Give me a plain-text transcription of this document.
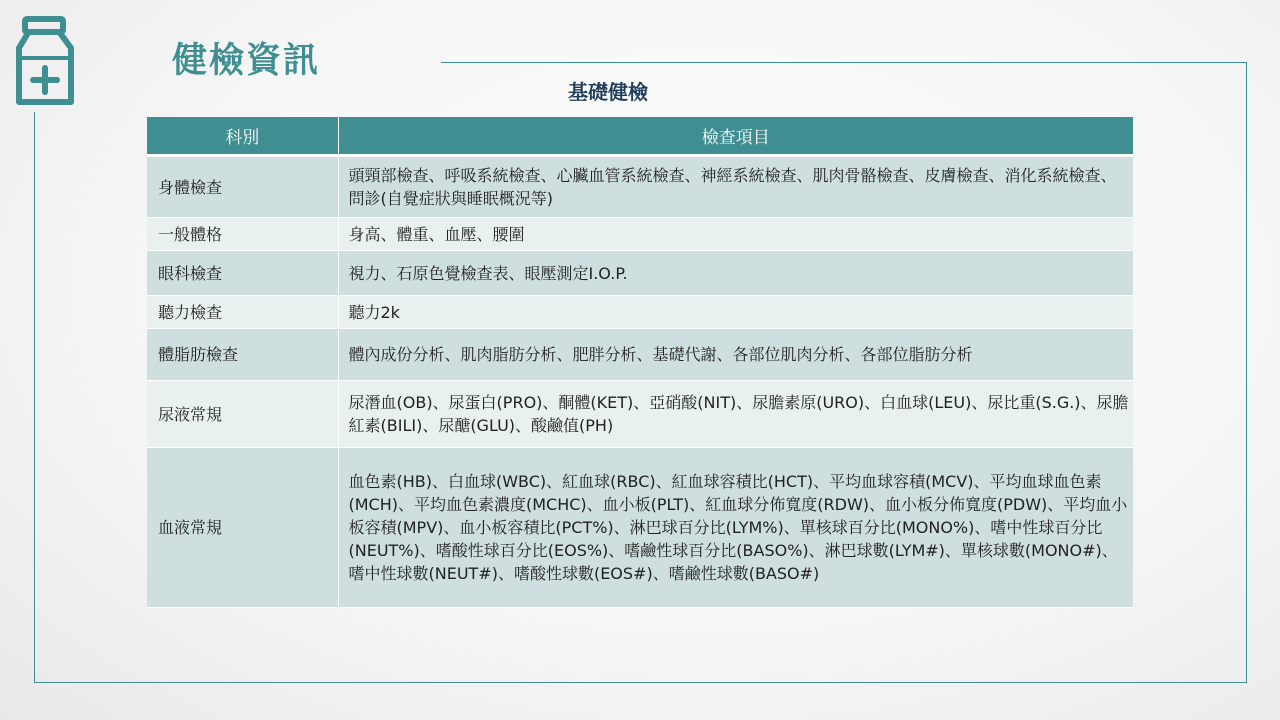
健檢資訊
基礎健檢
科別	檢查項目
身體檢查	頭頸部檢查、呼吸系統檢查、心臟血管系統檢查、神經系統檢查、肌肉骨骼檢查、皮膚檢查、消化系統檢查、問診(自覺症狀與睡眠概況等)
一般體格	身高、體重、血壓、腰圍
眼科檢查	視力、石原色覺檢查表、眼壓測定I.O.P.
聽力檢查	聽力2k
體脂肪檢查	體內成份分析、肌肉脂肪分析、肥胖分析、基礎代謝、各部位肌肉分析、各部位脂肪分析
尿液常規	尿潛血(OB)、尿蛋白(PRO)、酮體(KET)、亞硝酸(NIT)、尿膽素原(URO)、白血球(LEU)、尿比重(S.G.)、尿膽紅素(BILI)、尿醣(GLU)、酸鹼值(PH)
血液常規	血色素(HB)、白血球(WBC)、紅血球(RBC)、紅血球容積比(HCT)、平均血球容積(MCV)、平均血球血色素(MCH)、平均血色素濃度(MCHC)、血小板(PLT)、紅血球分佈寬度(RDW)、血小板分佈寬度(PDW)、平均血小板容積(MPV)、血小板容積比(PCT%)、淋巴球百分比(LYM%)、單核球百分比(MONO%)、嗜中性球百分比(NEUT%)、嗜酸性球百分比(EOS%)、嗜鹼性球百分比(BASO%)、淋巴球數(LYM#)、單核球數(MONO#)、嗜中性球數(NEUT#)、嗜酸性球數(EOS#)、嗜鹼性球數(BASO#)
